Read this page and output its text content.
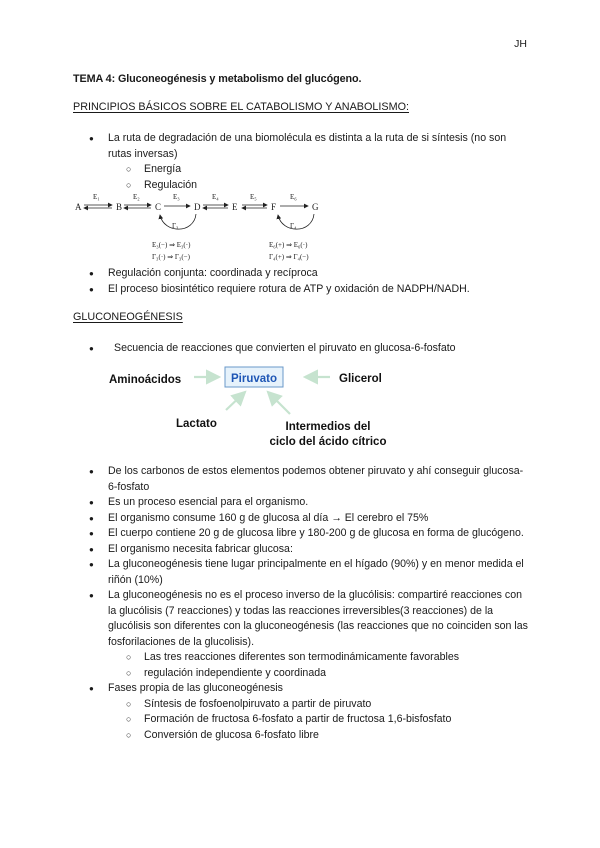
JH
TEMA 4: Gluconeogénesis y metabolismo del glucógeno.
PRINCIPIOS BÁSICOS SOBRE EL CATABOLISMO Y ANABOLISMO:
● La ruta de degradación de una biomolécula es distinta a la ruta de si síntesis (no son rutas inversas)
○ Energía
○ Regulación
A	B	C	D	E	F	G
E₁	E₂	E₃	E₄	E₅	E₆
Γ₃	Γ₄
E₃(−) ⇒ E₃(·)
Γ₃(·) ⇒ Γ₃(−)
E₆(+) ⇒ E₆(·)
Γ₄(+) ⇒ Γ₄(−)
● Regulación conjunta: coordinada y recíproca
● El proceso biosintético requiere rotura de ATP y oxidación de NADPH/NADH.
GLUCONEOGÉNESIS
● Secuencia de reacciones que convierten el piruvato en glucosa-6-fosfato
Piruvato
Aminoácidos	Glicerol
Lactato	Intermedios del
ciclo del ácido cítrico
● De los carbonos de estos elementos podemos obtener piruvato y ahí conseguir glucosa-6-fosfato
● Es un proceso esencial para el organismo.
● El organismo consume 160 g de glucosa al día → El cerebro el 75%
● El cuerpo contiene 20 g de glucosa libre y 180-200 g de glucosa en forma de glucógeno.
● El organismo necesita fabricar glucosa:
● La gluconeogénesis tiene lugar principalmente en el hígado (90%) y en menor medida el riñón (10%)
● La gluconeogénesis no es el proceso inverso de la glucólisis: compartiré reacciones con la glucólisis (7 reacciones) y todas las reacciones irreversibles(3 reacciones) de la glucólisis son diferentes con la gluconeogénesis (las reacciones que no coinciden son las fosforilaciones de la glucolisis).
○ Las tres reacciones diferentes son termodinámicamente favorables
○ regulación independiente y coordinada
● Fases propia de las gluconeogénesis
○ Síntesis de fosfoenolpiruvato a partir de piruvato
○ Formación de fructosa 6-fosfato a partir de fructosa 1,6-bisfosfato
○ Conversión de glucosa 6-fosfato libre
